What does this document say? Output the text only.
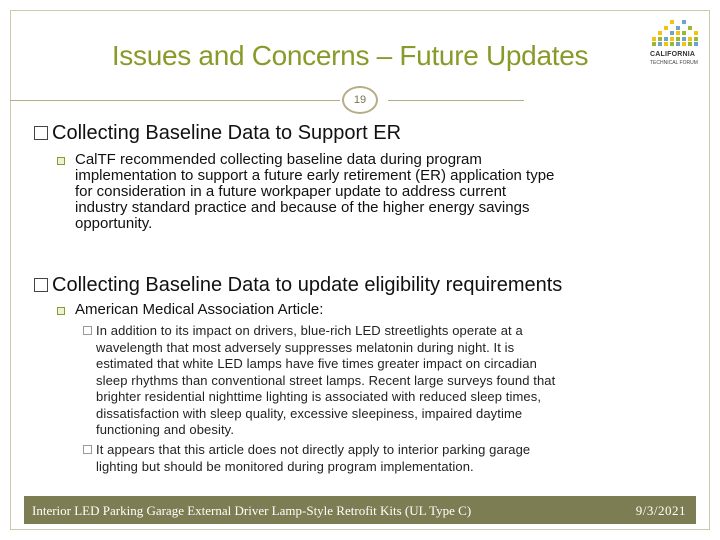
Issues and Concerns – Future Updates
19
CALIFORNIA
TECHNICAL FORUM
Collecting Baseline Data to Support ER
CalTF recommended collecting baseline data during program
implementation to support a future early retirement (ER) application type
for consideration in a future workpaper update to address current
industry standard practice and because of the higher energy savings
opportunity.
Collecting Baseline Data to update eligibility requirements
American Medical Association Article:
In addition to its impact on drivers, blue-rich LED streetlights operate at a
wavelength that most adversely suppresses melatonin during night. It is
estimated that white LED lamps have five times greater impact on circadian
sleep rhythms than conventional street lamps. Recent large surveys found that
brighter residential nighttime lighting is associated with reduced sleep times,
dissatisfaction with sleep quality, excessive sleepiness, impaired daytime
functioning and obesity.
It appears that this article does not directly apply to interior parking garage
lighting but should be monitored during program implementation.
Interior LED Parking Garage External Driver Lamp-Style Retrofit Kits (UL Type C)	9/3/2021
